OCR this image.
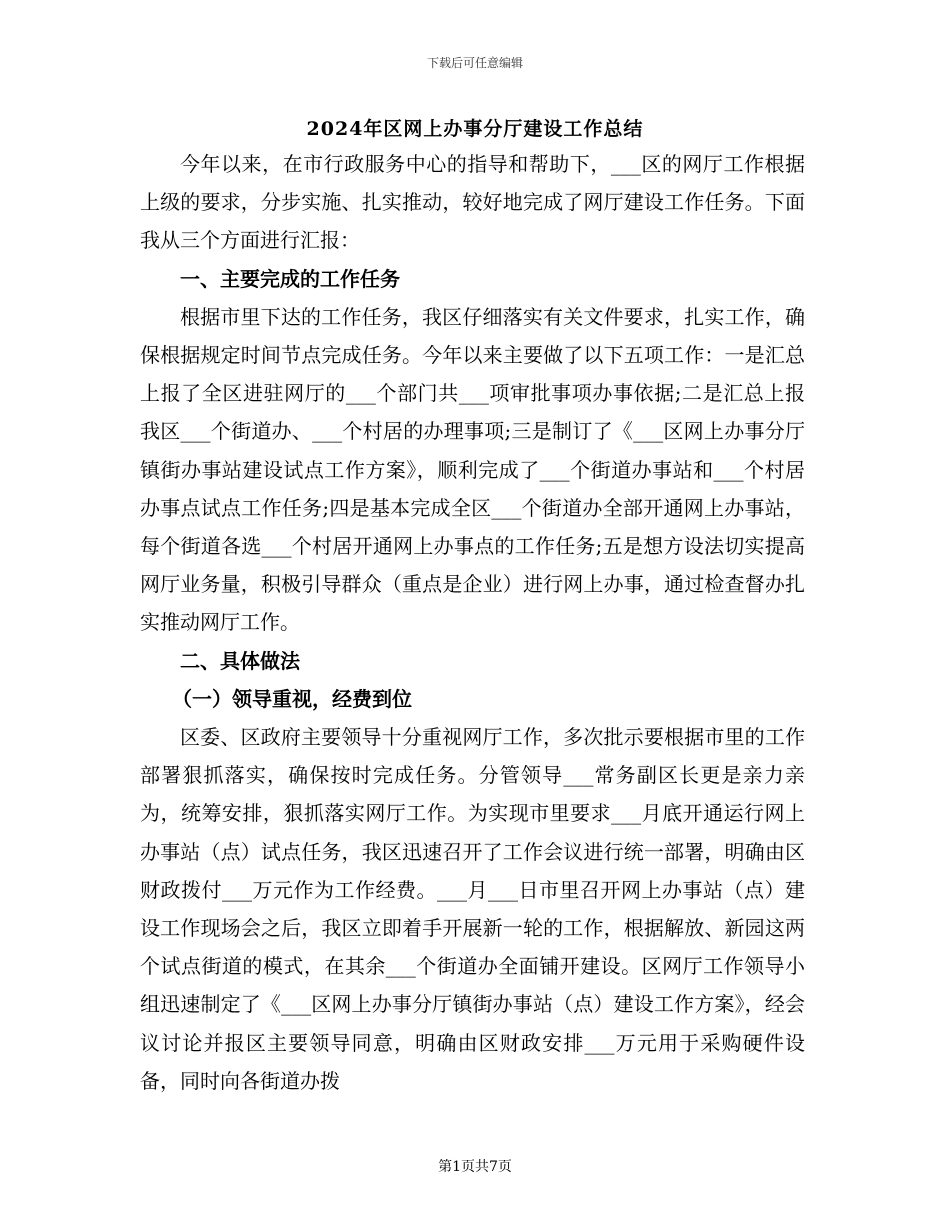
下载后可任意编辑
2024年区网上办事分厅建设工作总结

今年以来，在市行政服务中心的指导和帮助下，___区的网厅工作根据上级的要求，分步实施、扎实推动，较好地完成了网厅建设工作任务。下面我从三个方面进行汇报：

一、主要完成的工作任务

根据市里下达的工作任务，我区仔细落实有关文件要求，扎实工作，确保根据规定时间节点完成任务。今年以来主要做了以下五项工作：一是汇总上报了全区进驻网厅的___个部门共___项审批事项办事依据;二是汇总上报我区___个街道办、___个村居的办理事项;三是制订了《___区网上办事分厅镇街办事站建设试点工作方案》，顺利完成了___个街道办事站和___个村居办事点试点工作任务;四是基本完成全区___个街道办全部开通网上办事站，每个街道各选___个村居开通网上办事点的工作任务;五是想方设法切实提高网厅业务量，积极引导群众（重点是企业）进行网上办事，通过检查督办扎实推动网厅工作。

二、具体做法
（一）领导重视，经费到位

区委、区政府主要领导十分重视网厅工作，多次批示要根据市里的工作部署狠抓落实，确保按时完成任务。分管领导___常务副区长更是亲力亲为，统筹安排，狠抓落实网厅工作。为实现市里要求___月底开通运行网上办事站（点）试点任务，我区迅速召开了工作会议进行统一部署，明确由区财政拨付___万元作为工作经费。___月___日市里召开网上办事站（点）建设工作现场会之后，我区立即着手开展新一轮的工作，根据解放、新园这两个试点街道的模式，在其余___个街道办全面铺开建设。区网厅工作领导小组迅速制定了《___区网上办事分厅镇街办事站（点）建设工作方案》，经会议讨论并报区主要领导同意，明确由区财政安排___万元用于采购硬件设备，同时向各街道办拨

第1页共7页
